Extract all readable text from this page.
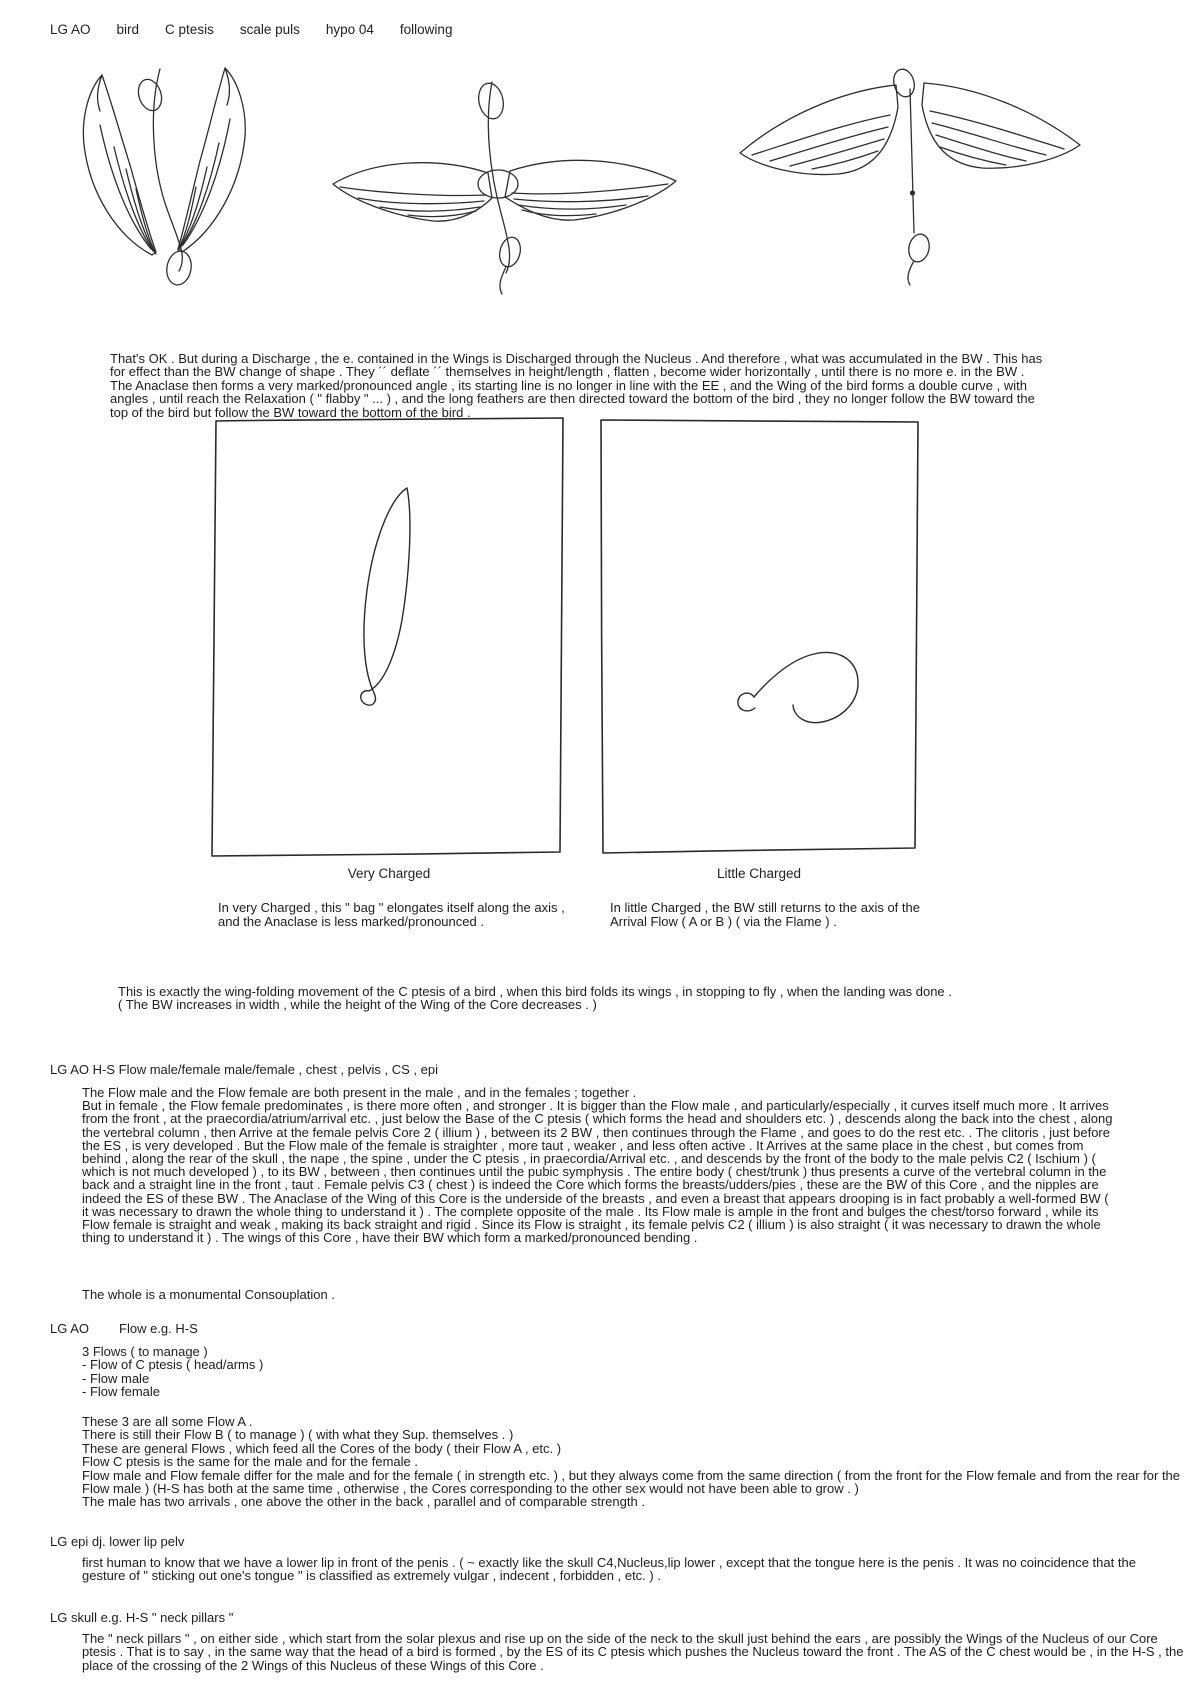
LG AO bird C ptesis scale puls hypo 04 following
That's OK . But during a Discharge , the e. contained in the Wings is Discharged through the Nucleus . And therefore , what was accumulated in the BW . This has for effect than the BW change of shape . They ´´ deflate ´´ themselves in height/length , flatten , become wider horizontally , until there is no more e. in the BW . The Anaclase then forms a very marked/pronounced angle , its starting line is no longer in line with the EE , and the Wing of the bird forms a double curve , with angles , until reach the Relaxation ( " flabby " ... ) , and the long feathers are then directed toward the bottom of the bird , they no longer follow the BW toward the top of the bird but follow the BW toward the bottom of the bird .
Very Charged	Little Charged
In very Charged , this " bag " elongates itself along the axis , and the Anaclase is less marked/pronounced .
In little Charged , the BW still returns to the axis of the Arrival Flow ( A or B ) ( via the Flame ) .
This is exactly the wing-folding movement of the C ptesis of a bird , when this bird folds its wings , in stopping to fly , when the landing was done .
( The BW increases in width , while the height of the Wing of the Core decreases . )
LG AO H-S Flow male/female male/female , chest , pelvis , CS , epi
The Flow male and the Flow female are both present in the male , and in the females ; together .
But in female , the Flow female predominates , is there more often , and stronger . It is bigger than the Flow male , and particularly/especially , it curves itself much more . It arrives from the front , at the praecordia/atrium/arrival etc. , just below the Base of the C ptesis ( which forms the head and shoulders etc. ) , descends along the back into the chest , along the vertebral column , then Arrive at the female pelvis Core 2 ( illium ) , between its 2 BW , then continues through the Flame , and goes to do the rest etc. . The clitoris , just before the ES , is very developed . But the Flow male of the female is straighter , more taut , weaker , and less often active . It Arrives at the same place in the chest , but comes from behind , along the rear of the skull , the nape , the spine , under the C ptesis , in praecordia/Arrival etc. , and descends by the front of the body to the male pelvis C2 ( Ischium ) ( which is not much developed ) , to its BW , between , then continues until the pubic symphysis . The entire body ( chest/trunk ) thus presents a curve of the vertebral column in the back and a straight line in the front , taut . Female pelvis C3 ( chest ) is indeed the Core which forms the breasts/udders/pies , these are the BW of this Core , and the nipples are indeed the ES of these BW . The Anaclase of the Wing of this Core is the underside of the breasts , and even a breast that appears drooping is in fact probably a well-formed BW ( it was necessary to drawn the whole thing to understand it ) . The complete opposite of the male . Its Flow male is ample in the front and bulges the chest/torso forward , while its Flow female is straight and weak , making its back straight and rigid . Since its Flow is straight , its female pelvis C2 ( illium ) is also straight ( it was necessary to drawn the whole thing to understand it ) . The wings of this Core , have their BW which form a marked/pronounced bending .
The whole is a monumental Consouplation .
LG AO Flow e.g. H-S
3 Flows ( to manage )
- Flow of C ptesis ( head/arms )
- Flow male
- Flow female
These 3 are all some Flow A .
There is still their Flow B ( to manage ) ( with what they Sup. themselves . )
These are general Flows , which feed all the Cores of the body ( their Flow A , etc. )
Flow C ptesis is the same for the male and for the female .
Flow male and Flow female differ for the male and for the female ( in strength etc. ) , but they always come from the same direction ( from the front for the Flow female and from the rear for the Flow male ) (H-S has both at the same time , otherwise , the Cores corresponding to the other sex would not have been able to grow . )
The male has two arrivals , one above the other in the back , parallel and of comparable strength .
LG epi dj. lower lip pelv
first human to know that we have a lower lip in front of the penis . ( ~ exactly like the skull C4,Nucleus,lip lower , except that the tongue here is the penis . It was no coincidence that the gesture of " sticking out one's tongue " is classified as extremely vulgar , indecent , forbidden , etc. ) .
LG skull e.g. H-S " neck pillars "
The " neck pillars " , on either side , which start from the solar plexus and rise up on the side of the neck to the skull just behind the ears , are possibly the Wings of the Nucleus of our Core ptesis . That is to say , in the same way that the head of a bird is formed , by the ES of its C ptesis which pushes the Nucleus toward the front . The AS of the C chest would be , in the H-S , the place of the crossing of the 2 Wings of this Nucleus of these Wings of this Core .
